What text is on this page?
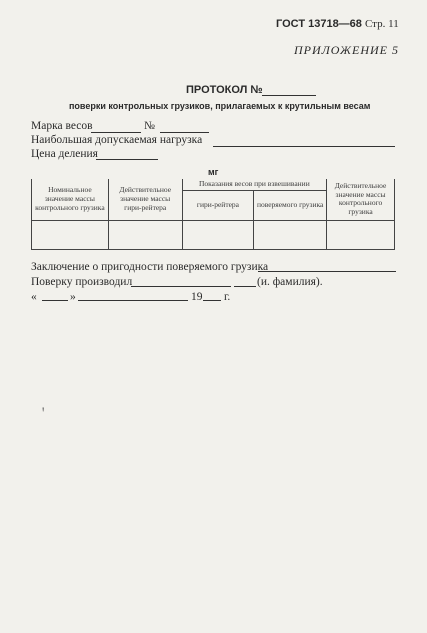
ГОСТ 13718—68 Стр. 11
ПРИЛОЖЕНИЕ 5
ПРОТОКОЛ №
поверки контрольных грузиков, прилагаемых к крутильным весам
Марка весов	№
Наибольшая допускаемая нагрузка
Цена деления
мг
Номинальное значение массы контрольного грузика	Действительное значение массы гири-рейтера	Показания весов при взвешивании		Действительное значение массы контрольного грузика
		гири-рейтера	поверяемого грузика	

Заключение о пригодности поверяемого грузика
Поверку производил	(и. фамилия).
«	»	19 г.
ꞌ
